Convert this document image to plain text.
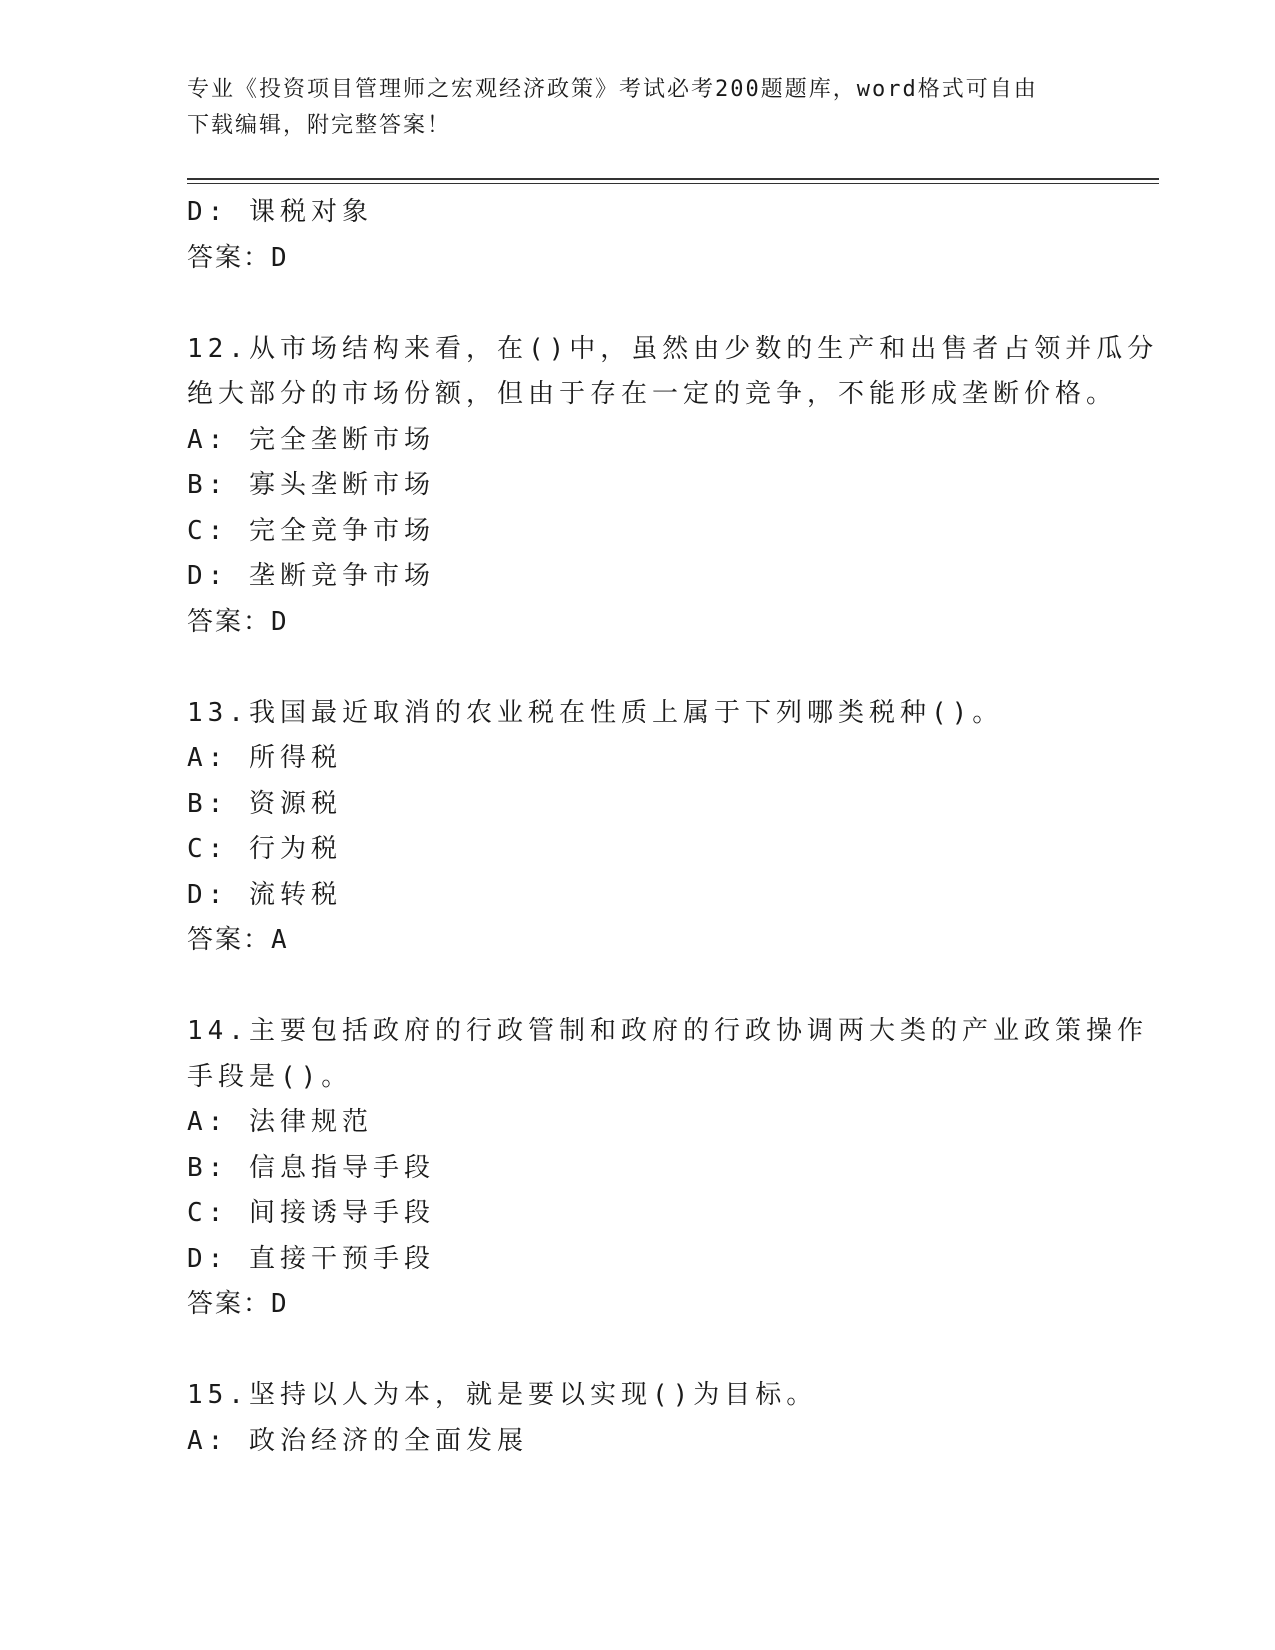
专业《投资项目管理师之宏观经济政策》考试必考200题题库，word格式可自由
下载编辑，附完整答案！
D: 课税对象
答案：D
12.从市场结构来看，在()中，虽然由少数的生产和出售者占领并瓜分
绝大部分的市场份额，但由于存在一定的竞争，不能形成垄断价格。
A: 完全垄断市场
B: 寡头垄断市场
C: 完全竞争市场
D: 垄断竞争市场
答案：D
13.我国最近取消的农业税在性质上属于下列哪类税种()。
A: 所得税
B: 资源税
C: 行为税
D: 流转税
答案：A
14.主要包括政府的行政管制和政府的行政协调两大类的产业政策操作
手段是()。
A: 法律规范
B: 信息指导手段
C: 间接诱导手段
D: 直接干预手段
答案：D
15.坚持以人为本，就是要以实现()为目标。
A: 政治经济的全面发展
